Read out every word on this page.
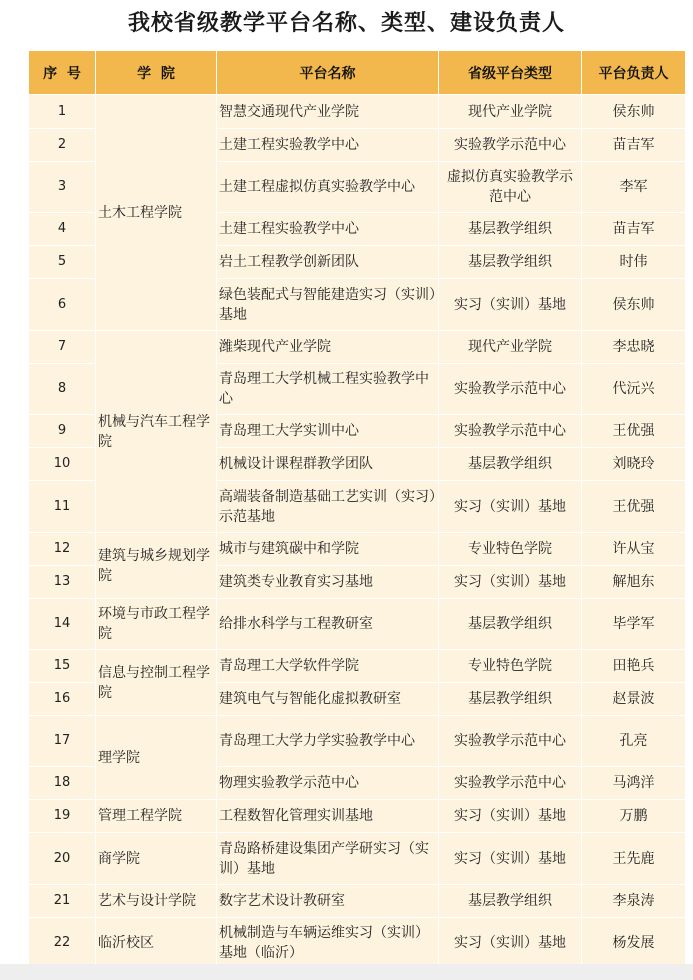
我校省级教学平台名称、类型、建设负责人
序  号	学  院	平台名称	省级平台类型	平台负责人
1	土木工程学院	智慧交通现代产业学院	现代产业学院	侯东帅
2		土建工程实验教学中心	实验教学示范中心	苗吉军
3		土建工程虚拟仿真实验教学中心	虚拟仿真实验教学示范中心	李军
4		土建工程实验教学中心	基层教学组织	苗吉军
5		岩土工程教学创新团队	基层教学组织	时伟
6		绿色装配式与智能建造实习（实训）基地	实习（实训）基地	侯东帅
7	机械与汽车工程学院	潍柴现代产业学院	现代产业学院	李忠晓
8		青岛理工大学机械工程实验教学中心	实验教学示范中心	代沅兴
9		青岛理工大学实训中心	实验教学示范中心	王优强
10		机械设计课程群教学团队	基层教学组织	刘晓玲
11		高端装备制造基础工艺实训（实习）示范基地	实习（实训）基地	王优强
12	建筑与城乡规划学院	城市与建筑碳中和学院	专业特色学院	许从宝
13		建筑类专业教育实习基地	实习（实训）基地	解旭东
14	环境与市政工程学院	给排水科学与工程教研室	基层教学组织	毕学军
15	信息与控制工程学院	青岛理工大学软件学院	专业特色学院	田艳兵
16		建筑电气与智能化虚拟教研室	基层教学组织	赵景波
17	理学院	青岛理工大学力学实验教学中心	实验教学示范中心	孔亮
18		物理实验教学示范中心	实验教学示范中心	马鸿洋
19	管理工程学院	工程数智化管理实训基地	实习（实训）基地	万鹏
20	商学院	青岛路桥建设集团产学研实习（实训）基地	实习（实训）基地	王先鹿
21	艺术与设计学院	数字艺术设计教研室	基层教学组织	李泉涛
22	临沂校区	机械制造与车辆运维实习（实训）基地（临沂）	实习（实训）基地	杨发展
